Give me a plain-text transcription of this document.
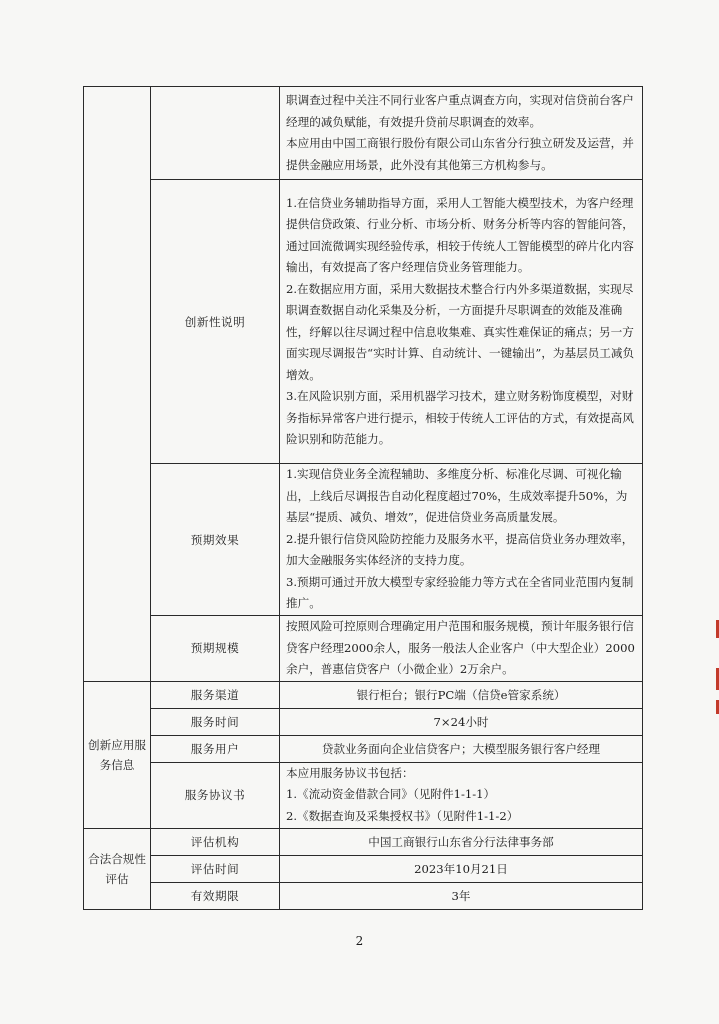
		职调查过程中关注不同行业客户重点调查方向，实现对信贷前台客户经理的减负赋能，有效提升贷前尽职调查的效率。

本应用由中国工商银行股份有限公司山东省分行独立研发及运营，并提供金融应用场景，此外没有其他第三方机构参与。

	创新性说明	1.在信贷业务辅助指导方面，采用人工智能大模型技术，为客户经理提供信贷政策、行业分析、市场分析、财务分析等内容的智能问答，通过回流微调实现经验传承，相较于传统人工智能模型的碎片化内容输出，有效提高了客户经理信贷业务管理能力。

2.在数据应用方面，采用大数据技术整合行内外多渠道数据，实现尽职调查数据自动化采集及分析，一方面提升尽职调查的效能及准确性，纾解以往尽调过程中信息收集难、真实性难保证的痛点；另一方面实现尽调报告“实时计算、自动统计、一键输出”，为基层员工减负增效。

3.在风险识别方面，采用机器学习技术，建立财务粉饰度模型，对财务指标异常客户进行提示，相较于传统人工评估的方式，有效提高风险识别和防范能力。

	预期效果	1.实现信贷业务全流程辅助、多维度分析、标准化尽调、可视化输出，上线后尽调报告自动化程度超过70%，生成效率提升50%，为基层“提质、减负、增效”，促进信贷业务高质量发展。

2.提升银行信贷风险防控能力及服务水平，提高信贷业务办理效率，加大金融服务实体经济的支持力度。

3.预期可通过开放大模型专家经验能力等方式在全省同业范围内复制推广。

	预期规模	按照风险可控原则合理确定用户范围和服务规模，预计年服务银行信贷客户经理2000余人，服务一般法人企业客户（中大型企业）2000余户，普惠信贷客户（小微企业）2万余户。
创新应用服务信息	服务渠道	银行柜台；银行PC端（信贷e管家系统）
	服务时间	7×24小时
	服务用户	贷款业务面向企业信贷客户；大模型服务银行客户经理
	服务协议书	本应用服务协议书包括：

1.《流动资金借款合同》（见附件1-1-1）

2.《数据查询及采集授权书》（见附件1-1-2）

合法合规性评估	评估机构	中国工商银行山东省分行法律事务部
	评估时间	2023年10月21日
	有效期限	3年
2
